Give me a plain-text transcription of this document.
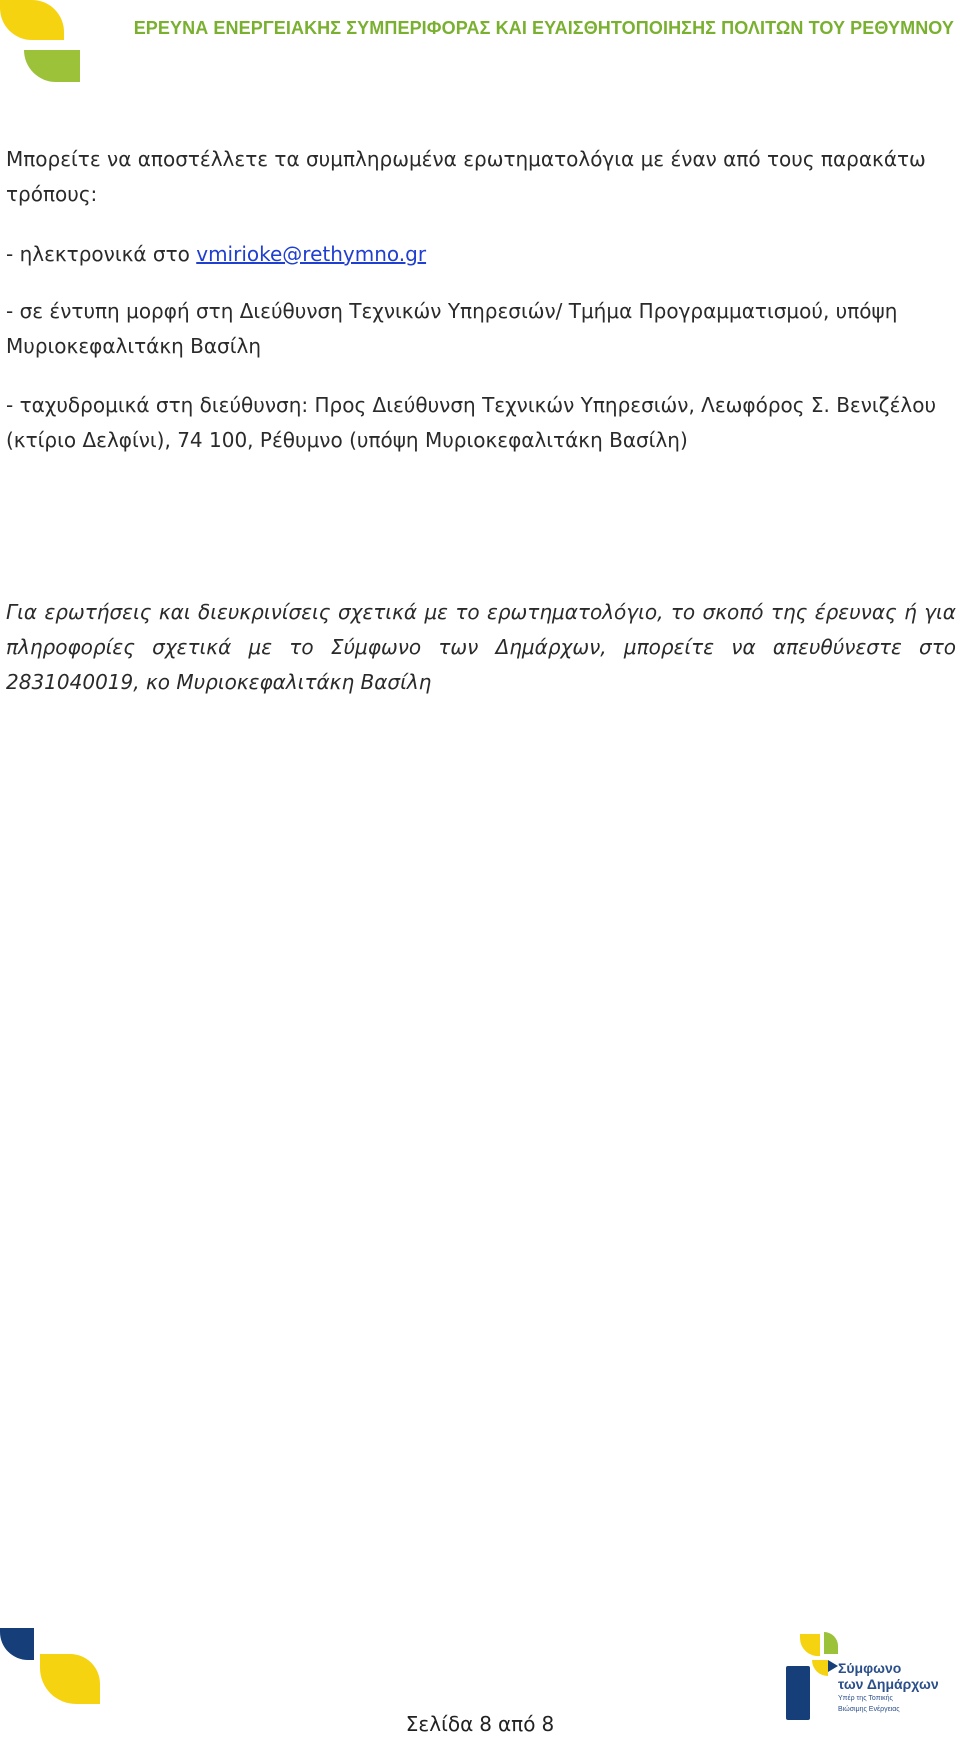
ΕΡΕΥΝΑ ΕΝΕΡΓΕΙΑΚΗΣ ΣΥΜΠΕΡΙΦΟΡΑΣ ΚΑΙ ΕΥΑΙΣΘΗΤΟΠΟΙΗΣΗΣ ΠΟΛΙΤΩΝ ΤΟΥ ΡΕΘΥΜΝΟΥ

Μπορείτε να αποστέλλετε τα συμπληρωμένα ερωτηματολόγια με έναν από τους παρακάτω τρόπους:

- ηλεκτρονικά στο vmirioke@rethymno.gr

- σε έντυπη μορφή στη Διεύθυνση Τεχνικών Υπηρεσιών/ Τμήμα Προγραμματισμού, υπόψη Μυριοκεφαλιτάκη Βασίλη

- ταχυδρομικά στη διεύθυνση: Προς Διεύθυνση Τεχνικών Υπηρεσιών, Λεωφόρος Σ. Βενιζέλου (κτίριο Δελφίνι), 74 100, Ρέθυμνο (υπόψη Μυριοκεφαλιτάκη Βασίλη)

Για ερωτήσεις και διευκρινίσεις σχετικά με το ερωτηματολόγιο, το σκοπό της έρευνας ή για πληροφορίες σχετικά με το Σύμφωνο των Δημάρχων, μπορείτε να απευθύνεστε στο 2831040019, κο Μυριοκεφαλιτάκη Βασίλη

Σελίδα 8 από 8
Σύμφωνο
των Δημάρχων
Υπέρ της Τοπικής
Βιώσιμης Ενέργειας
